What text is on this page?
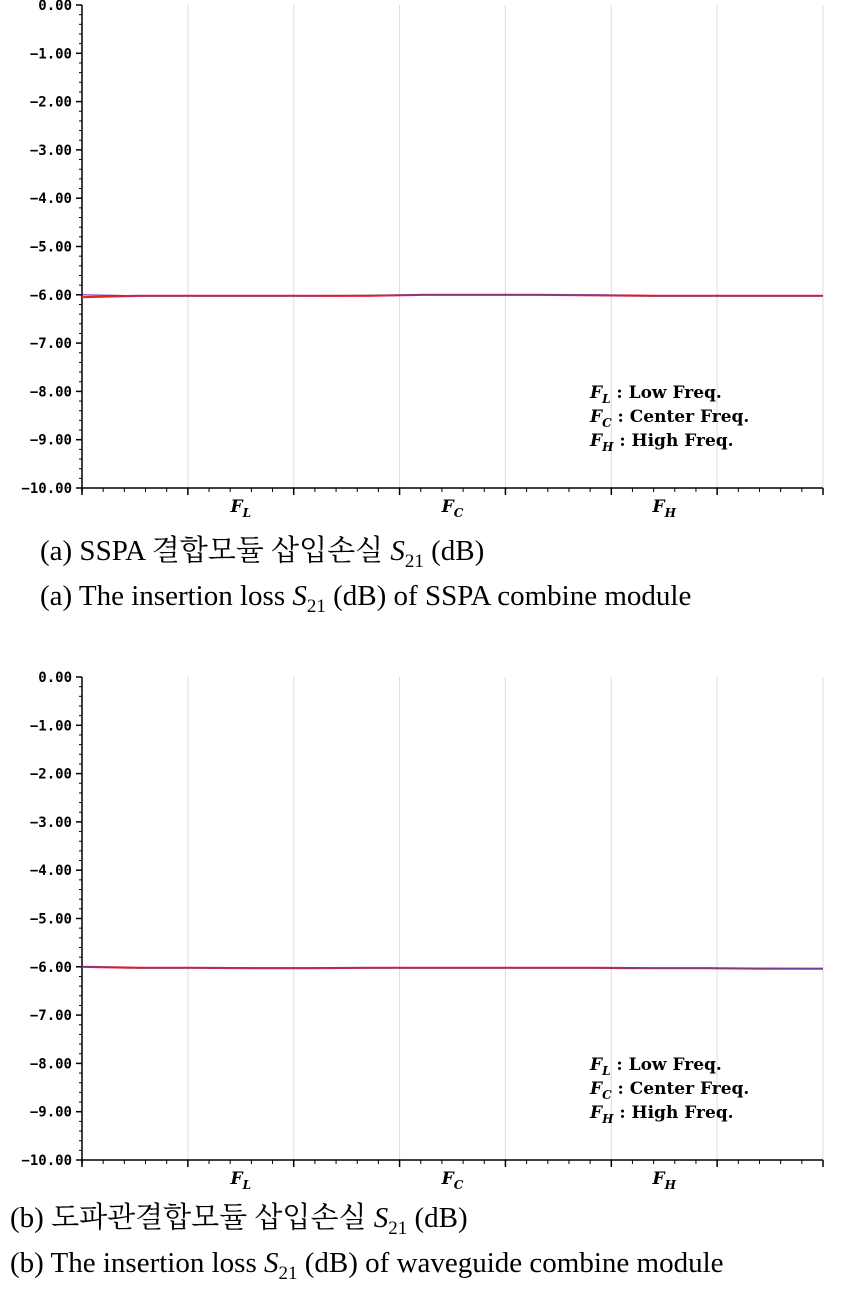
0.00
−1.00
−2.00
−3.00
−4.00
−5.00
−6.00
−7.00
−8.00
−9.00
−10.00
$F_L$	$F_C$	$F_H$
$F_L$ : Low Freq.
$F_C$ : Center Freq.
$F_H$ : High Freq.
(a) SSPA 결합모듈 삽입손실 $S_{21}$ (dB)
(a) The insertion loss $S_{21}$ (dB) of SSPA combine module
0.00
−1.00
−2.00
−3.00
−4.00
−5.00
−6.00
−7.00
−8.00
−9.00
−10.00
$F_L$	$F_C$	$F_H$
$F_L$ : Low Freq.
$F_C$ : Center Freq.
$F_H$ : High Freq.
(b) 도파관결합모듈 삽입손실 $S_{21}$ (dB)
(b) The insertion loss $S_{21}$ (dB) of waveguide combine module
